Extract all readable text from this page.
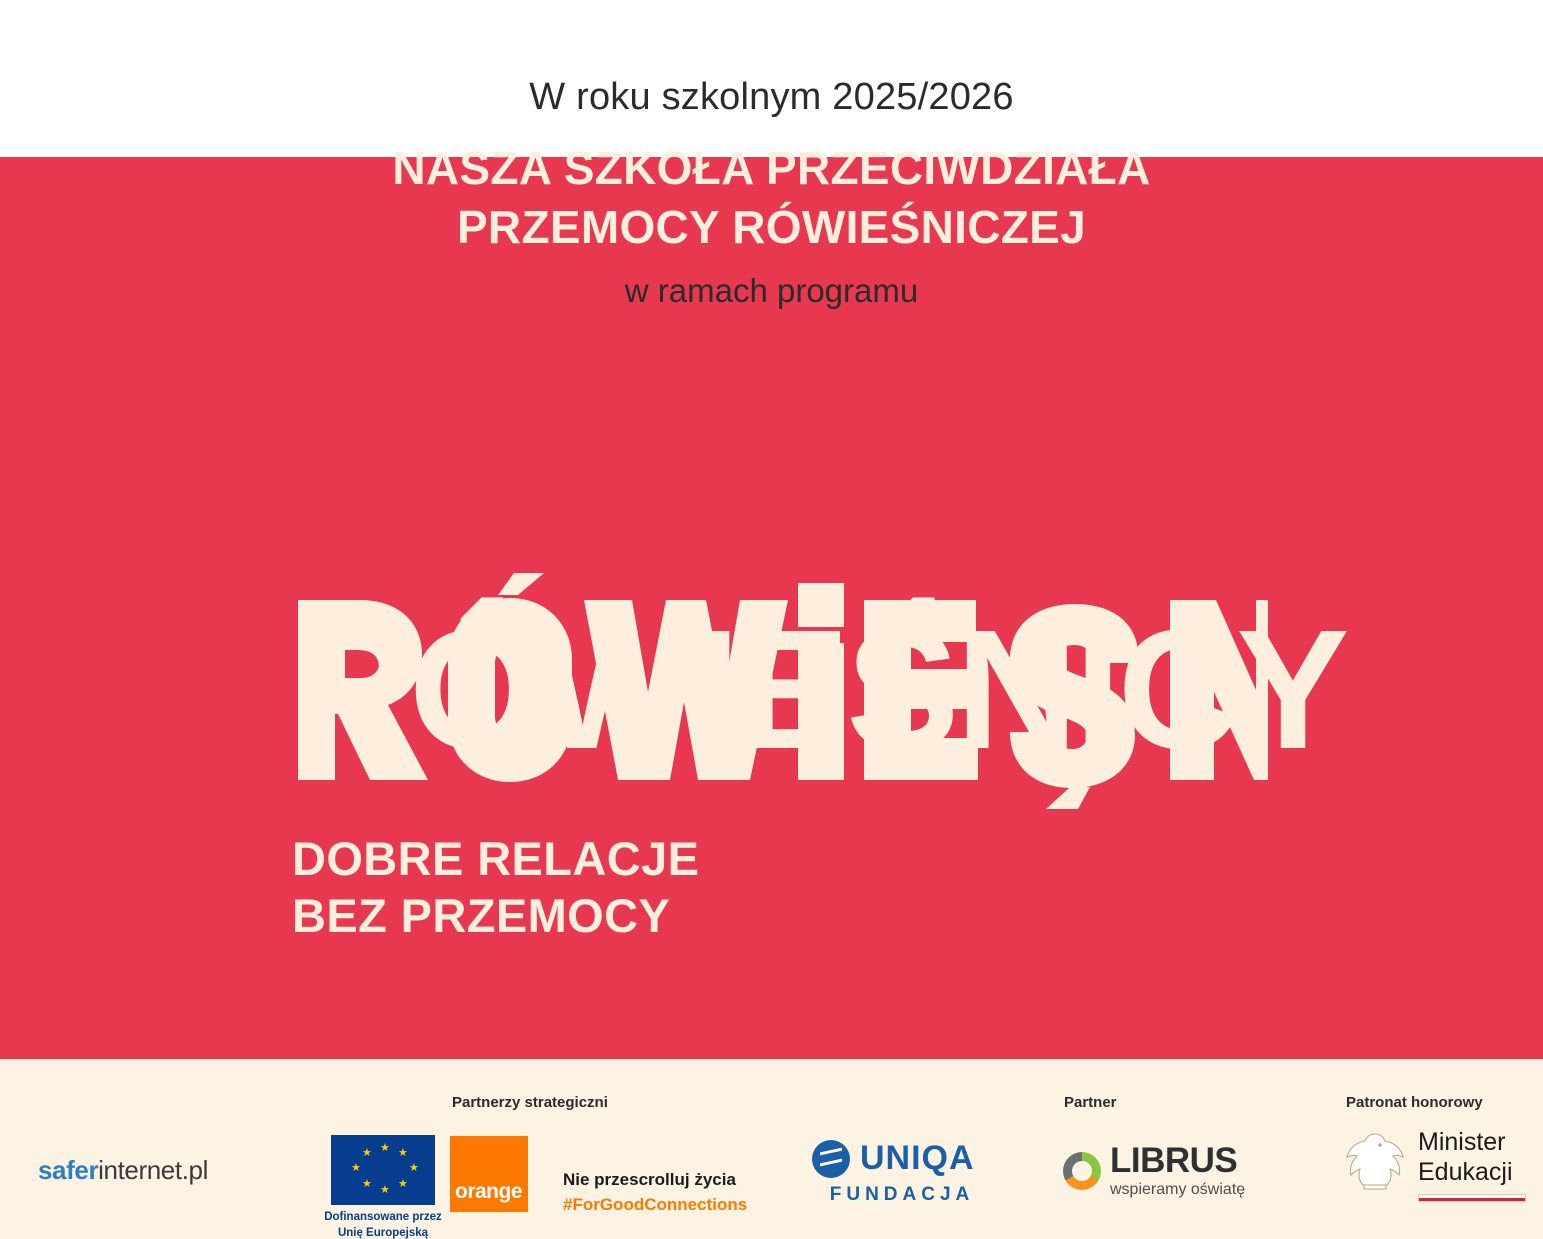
FUNDACJA
DAJEMY
DZIECIOM
SIŁĘ
W roku szkolnym 2025/2026
NASZA SZKOŁA PRZECIWDZIAŁA
PRZEMOCY RÓWIEŚNICZEJ
w ramach programu
RÓWIEŚNICY
DOBRE RELACJE
BEZ PRZEMOCY
Partnerzy strategiczni	Partner	Patronat honorowy
saferinternet.pl
★ ★
★
★
★
★
★
★
Dofinansowane przez
Unię Europejską
orange
Nie przescrolluj życia
#ForGoodConnections
UNIQA
FUNDACJA
LIBRUS
wspieramy oświatę
Minister
Edukacji
